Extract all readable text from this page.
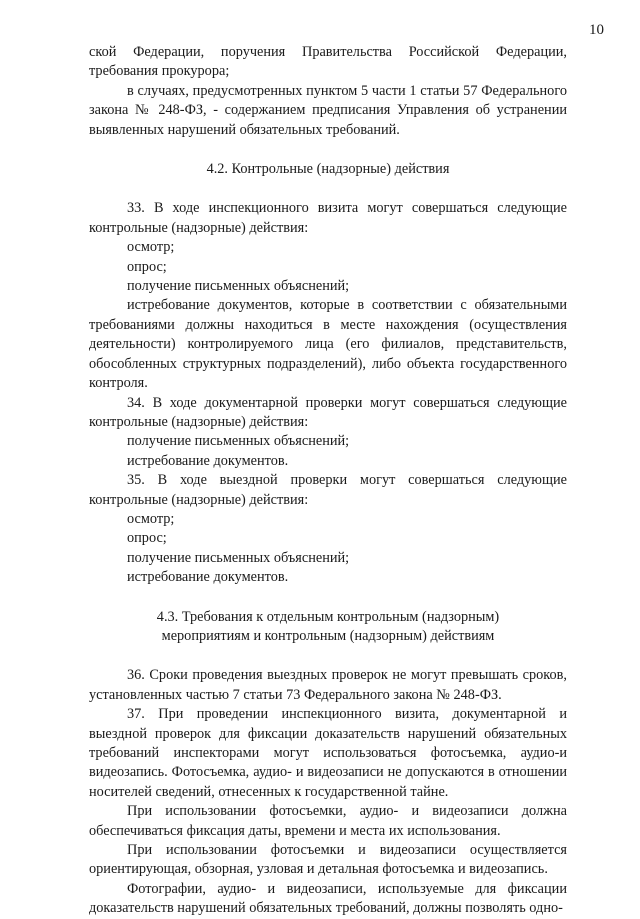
10

ской Федерации, поручения Правительства Российской Федерации, требования прокурора;

в случаях, предусмотренных пунктом 5 части 1 статьи 57 Федерального закона № 248-ФЗ, - содержанием предписания Управления об устранении выявленных нарушений обязательных требований.

4.2. Контрольные (надзорные) действия

33. В ходе инспекционного визита могут совершаться следующие контрольные (надзорные) действия:

осмотр;

опрос;

получение письменных объяснений;

истребование документов, которые в соответствии с обязательными требованиями должны находиться в месте нахождения (осуществления деятельности) контролируемого лица (его филиалов, представительств, обособленных структурных подразделений), либо объекта государственного контроля.

34. В ходе документарной проверки могут совершаться следующие контрольные (надзорные) действия:

получение письменных объяснений;

истребование документов.

35. В ходе выездной проверки могут совершаться следующие контрольные (надзорные) действия:

осмотр;

опрос;

получение письменных объяснений;

истребование документов.

4.3. Требования к отдельным контрольным (надзорным)

мероприятиям и контрольным (надзорным) действиям

36. Сроки проведения выездных проверок не могут превышать сроков, установленных частью 7 статьи 73 Федерального закона № 248-ФЗ.

37. При проведении инспекционного визита, документарной и выездной проверок для фиксации доказательств нарушений обязательных требований инспекторами могут использоваться фотосъемка, аудио-и видеозапись. Фотосъемка, аудио- и видеозаписи не допускаются в отношении носителей сведений, отнесенных к государственной тайне.

При использовании фотосъемки, аудио- и видеозаписи должна обеспечиваться фиксация даты, времени и места их использования.

При использовании фотосъемки и видеозаписи осуществляется ориентирующая, обзорная, узловая и детальная фотосъемка и видеозапись.

Фотографии, аудио- и видеозаписи, используемые для фиксации доказательств нарушений обязательных требований, должны позволять одно-
